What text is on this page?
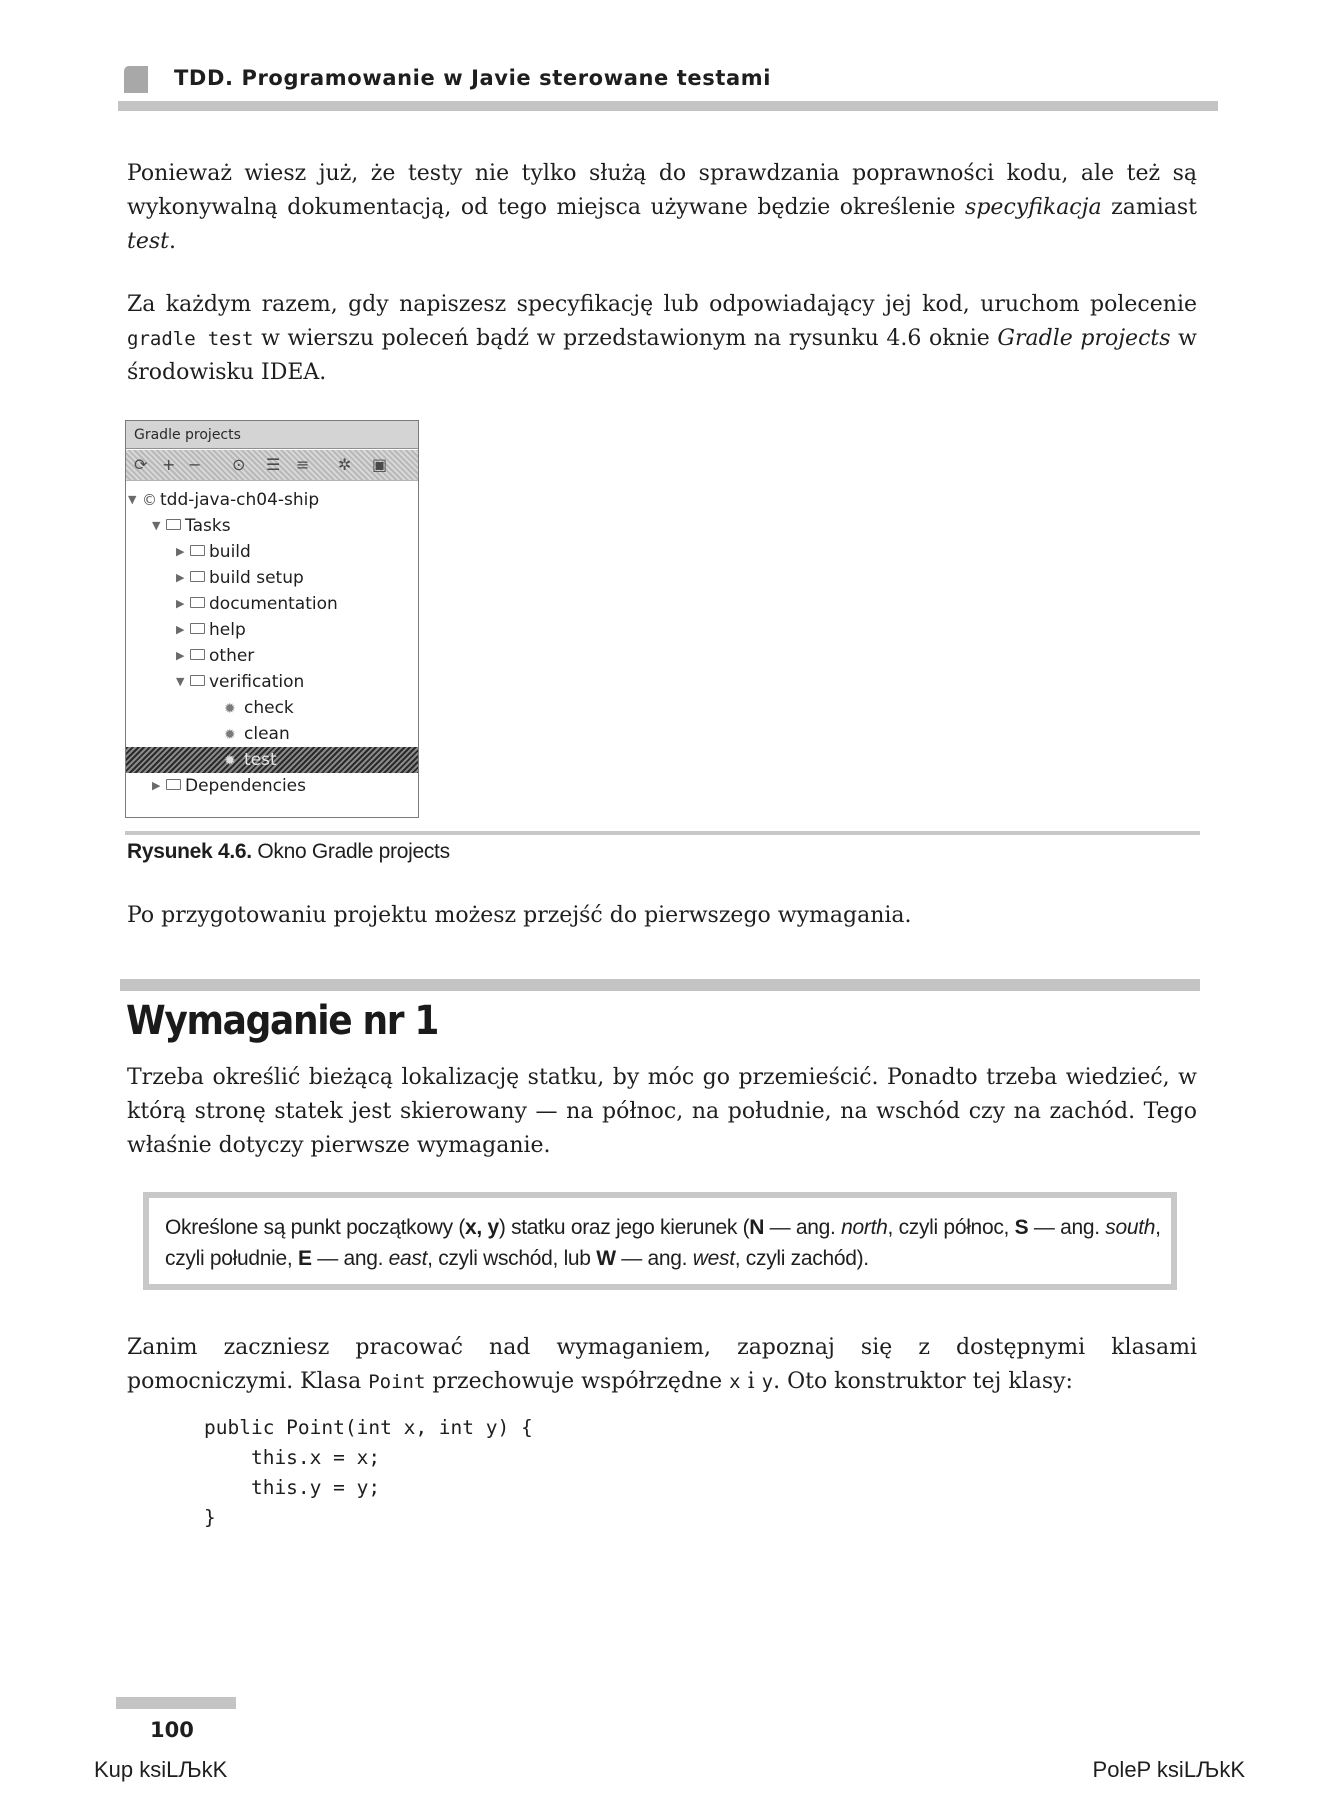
TDD. Programowanie w Javie sterowane testami

Ponieważ wiesz już, że testy nie tylko służą do sprawdzania poprawności kodu, ale też są wykonywalną dokumentacją, od tego miejsca używane będzie określenie specyfikacja zamiast test.

Za każdym razem, gdy napiszesz specyfikację lub odpowiadający jej kod, uruchom polecenie gradle test w wierszu poleceń bądź w przedstawionym na rysunku 4.6 oknie Gradle projects w środowisku IDEA.

Gradle projects
⟳ + − ⊙ ☰ ≡ ✲ ▣
▼ © tdd-java-ch04-ship
▼ Tasks
▶ build
▶ build setup
▶ documentation
▶ help
▶ other
▼ verification
✹ check
✹ clean
✹ test
▶ Dependencies
Rysunek 4.6. Okno Gradle projects

Po przygotowaniu projektu możesz przejść do pierwszego wymagania.

Wymaganie nr 1

Trzeba określić bieżącą lokalizację statku, by móc go przemieścić. Ponadto trzeba wiedzieć, w którą stronę statek jest skierowany — na północ, na południe, na wschód czy na zachód. Tego właśnie dotyczy pierwsze wymaganie.

Określone są punkt początkowy (x, y) statku oraz jego kierunek (N — ang. north, czyli północ, S — ang. south, czyli południe, E — ang. east, czyli wschód, lub W — ang. west, czyli zachód).

Zanim zaczniesz pracować nad wymaganiem, zapoznaj się z dostępnymi klasami pomocniczymi. Klasa Point przechowuje współrzędne x i y. Oto konstruktor tej klasy:

public Point(int x, int y) {
this.x = x;
this.y = y;
}
100
Kup ksiLЉkK	PoleP ksiLЉkK
